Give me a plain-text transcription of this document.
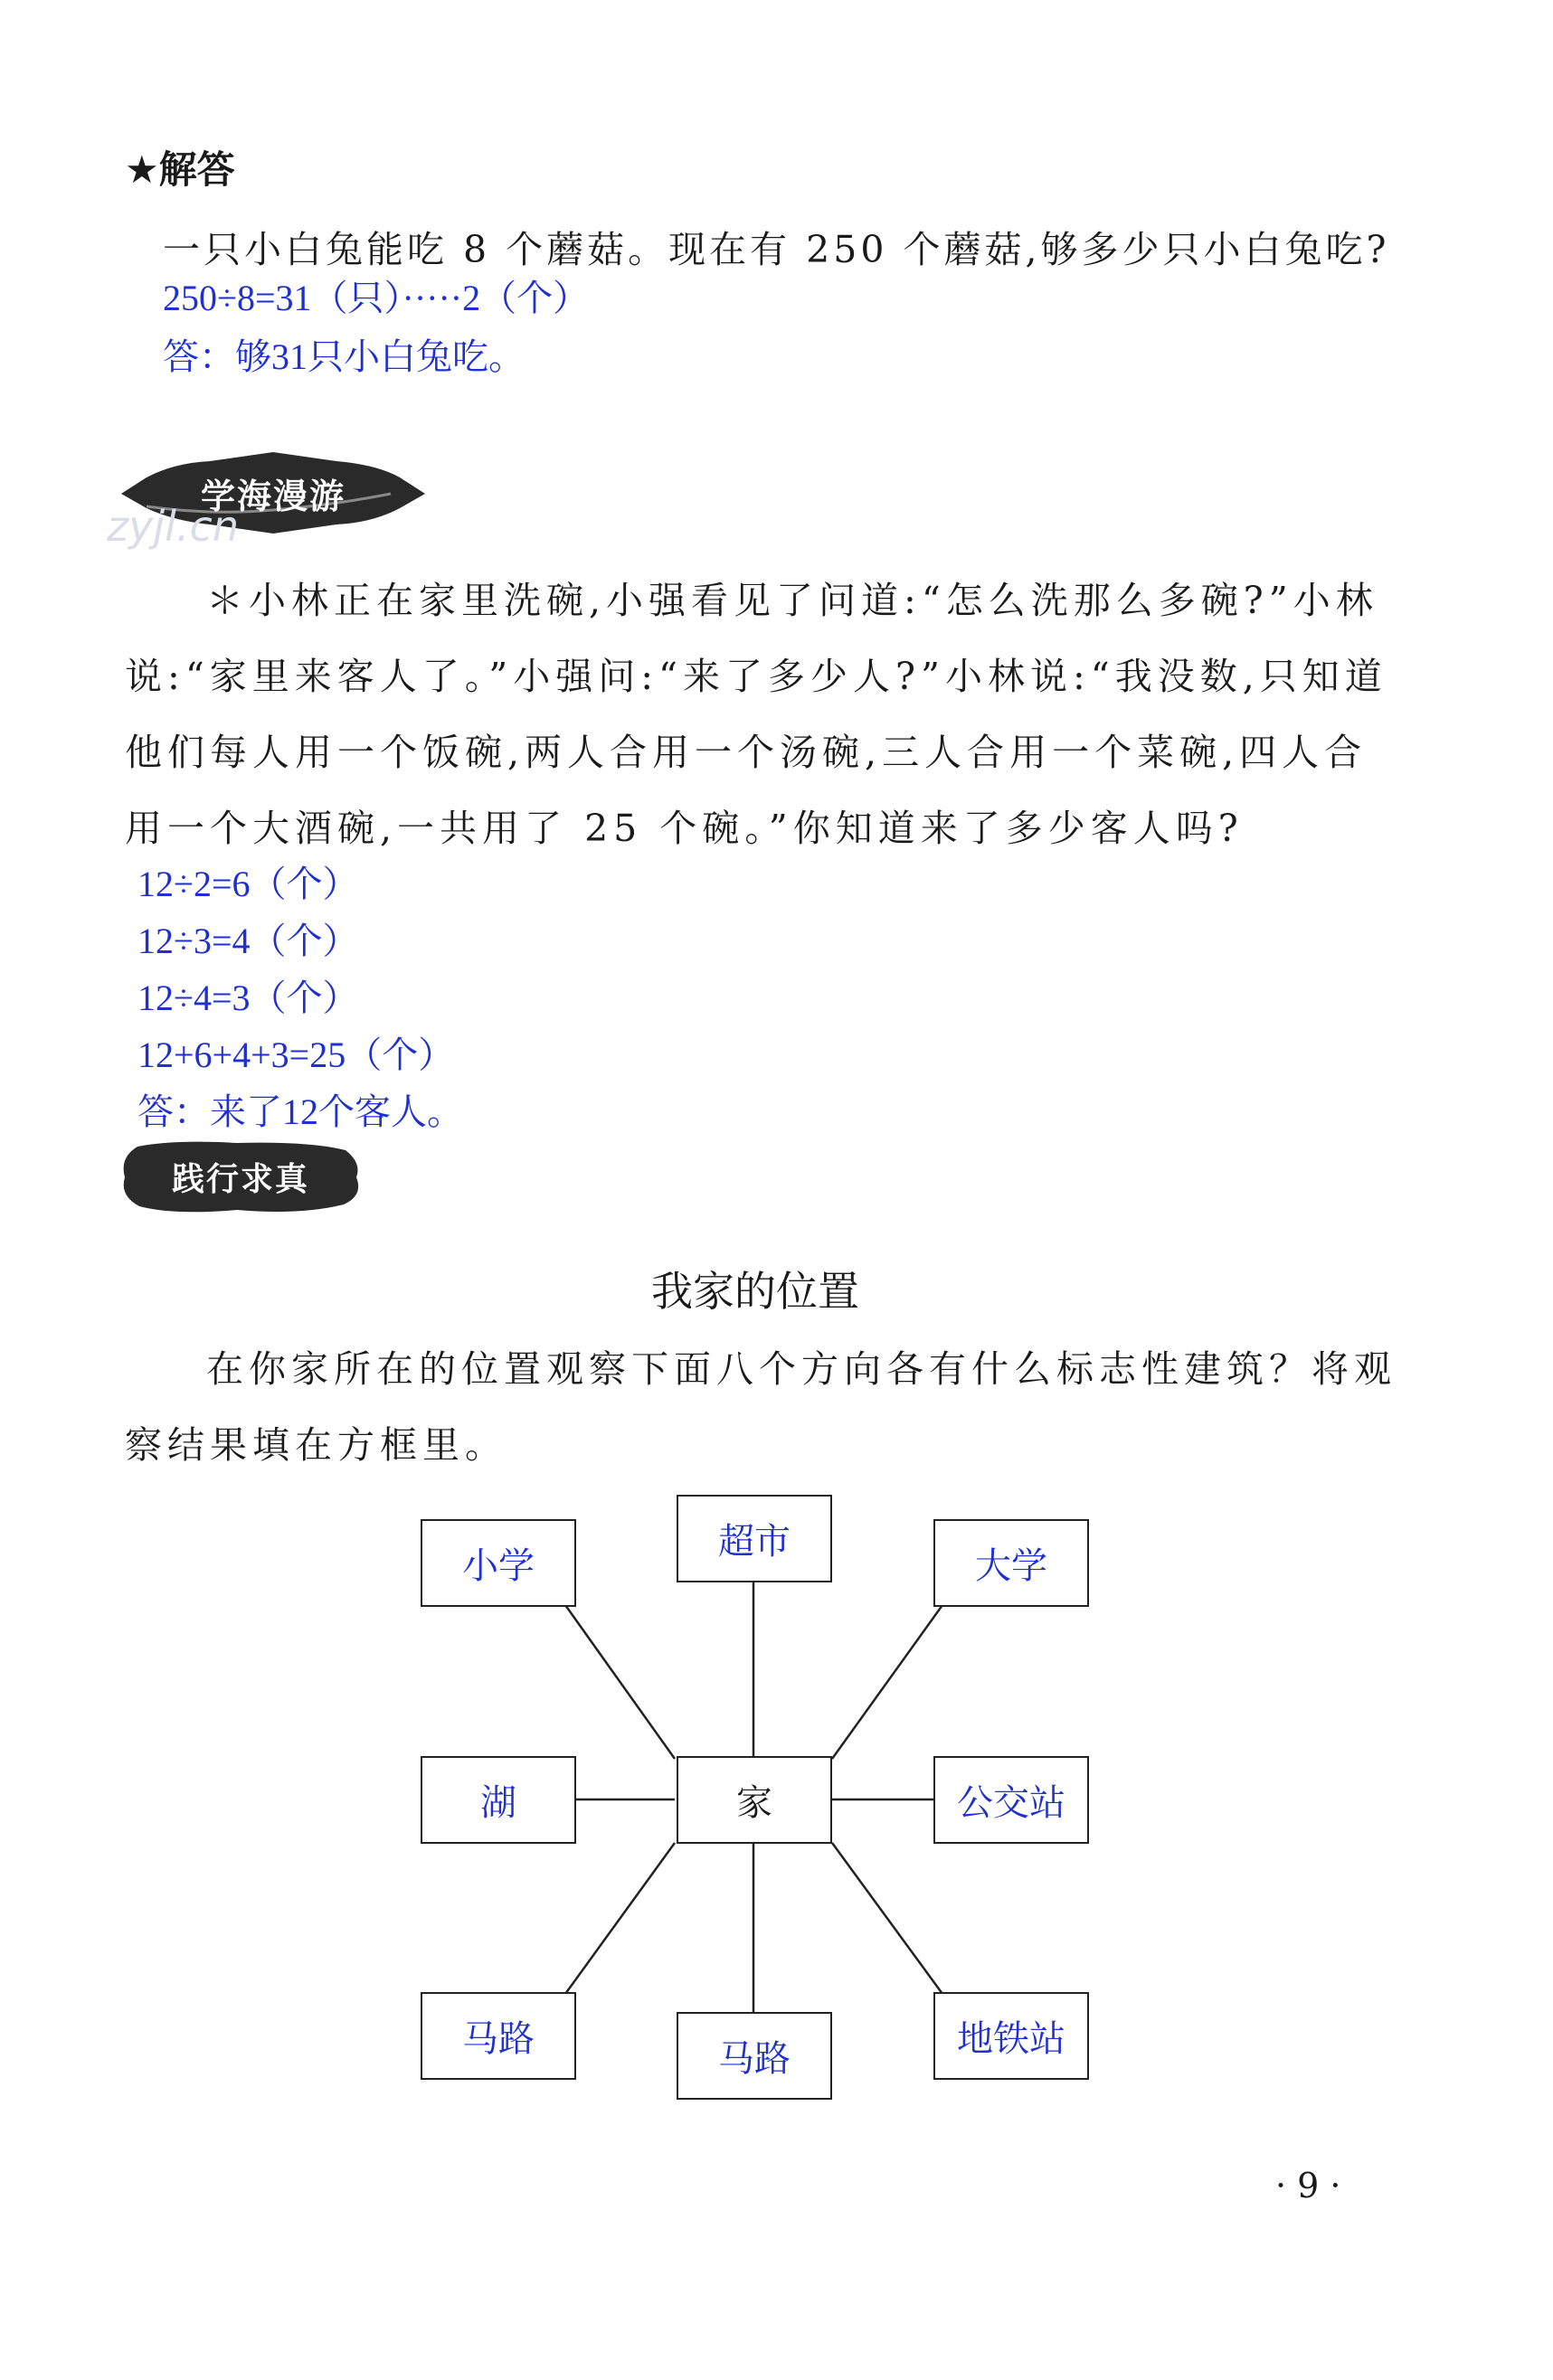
★解答
一只小白兔能吃 8 个蘑菇。现在有 250 个蘑菇,够多少只小白兔吃?
250÷8=31（只）·····2（个）
答：够31只小白兔吃。
学海漫游
zyjl.cn
＊小林正在家里洗碗,小强看见了问道:“怎么洗那么多碗?”小林说:“家里来客人了。”小强问:“来了多少人?”小林说:“我没数,只知道他们每人用一个饭碗,两人合用一个汤碗,三人合用一个菜碗,四人合用一个大酒碗,一共用了 25 个碗。”你知道来了多少客人吗?
12÷2=6（个）
12÷3=4（个）
12÷4=3（个）
12+6+4+3=25（个）
答：来了12个客人。
践行求真
我家的位置
在你家所在的位置观察下面八个方向各有什么标志性建筑？将观察结果填在方框里。
小学
超市
大学
湖	家	公交站
马路	马路	地铁站
· 9 ·
